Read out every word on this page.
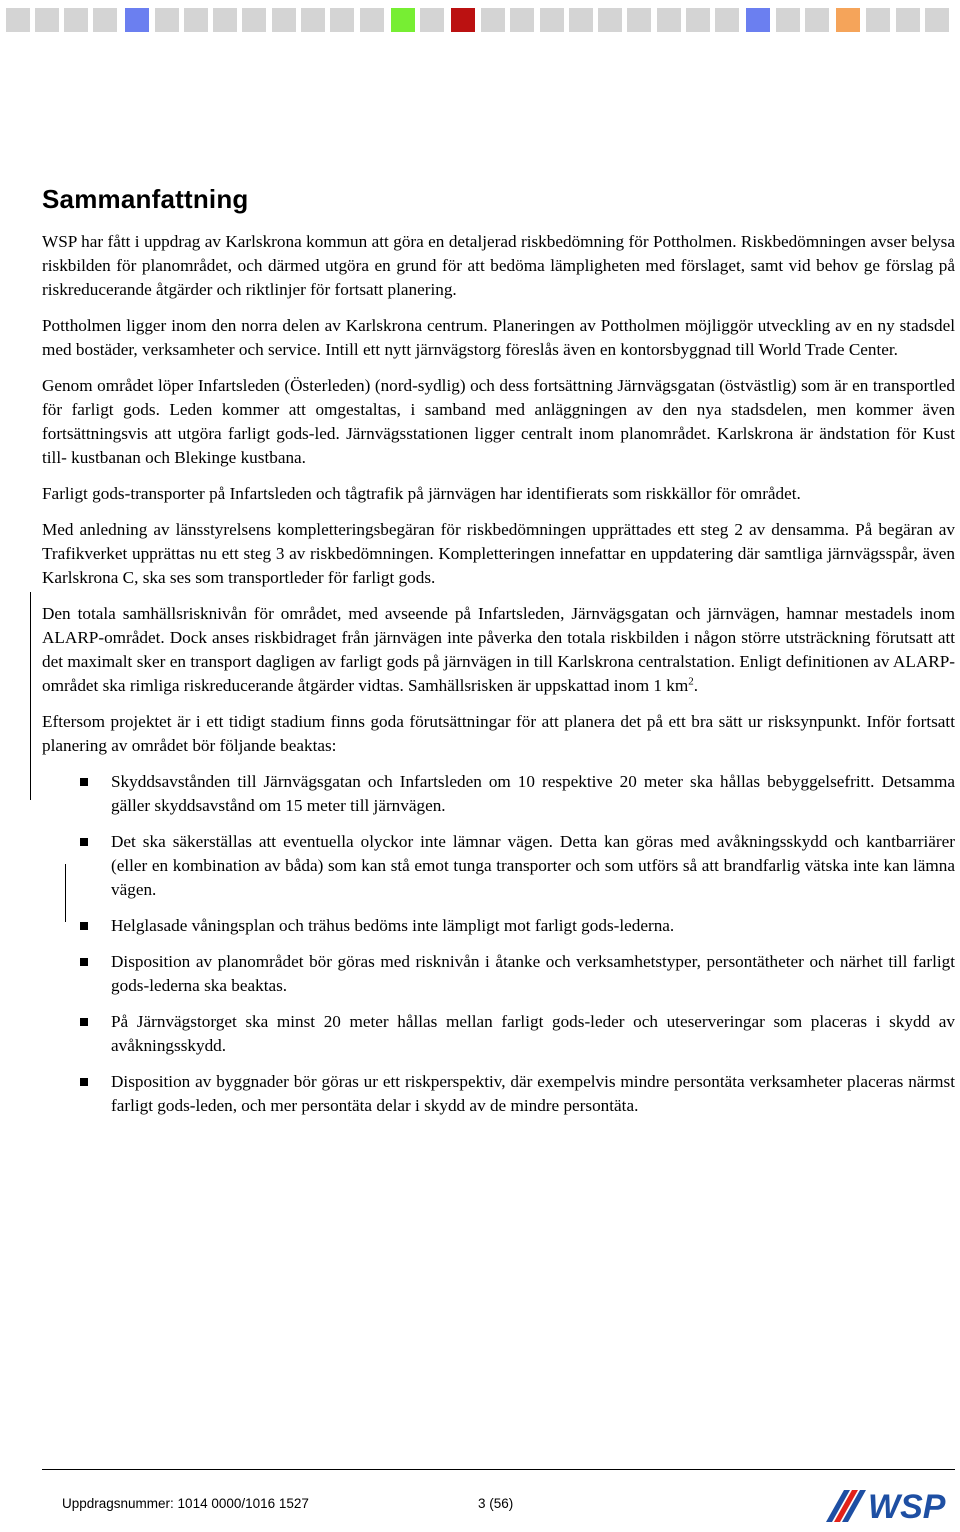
Sammanfattning

WSP har fått i uppdrag av Karlskrona kommun att göra en detaljerad riskbedömning för Pottholmen. Riskbedömningen avser belysa riskbilden för planområdet, och därmed utgöra en grund för att bedöma lämpligheten med förslaget, samt vid behov ge förslag på riskreducerande åtgärder och riktlinjer för fortsatt planering.

Pottholmen ligger inom den norra delen av Karlskrona centrum. Planeringen av Pottholmen möjliggör utveckling av en ny stadsdel med bostäder, verksamheter och service. Intill ett nytt järnvägstorg föreslås även en kontorsbyggnad till World Trade Center.

Genom området löper Infartsleden (Österleden) (nord-sydlig) och dess fortsättning Järnvägsgatan (östvästlig) som är en transportled för farligt gods. Leden kommer att omgestaltas, i samband med anläggningen av den nya stadsdelen, men kommer även fortsättningsvis att utgöra farligt gods-led. Järnvägsstationen ligger centralt inom planområdet. Karlskrona är ändstation för Kust till- kustbanan och Blekinge kustbana.

Farligt gods-transporter på Infartsleden och tågtrafik på järnvägen har identifierats som riskkällor för området.

Med anledning av länsstyrelsens kompletteringsbegäran för riskbedömningen upprättades ett steg 2 av densamma. På begäran av Trafikverket upprättas nu ett steg 3 av riskbedömningen. Kompletteringen innefattar en uppdatering där samtliga järnvägsspår, även Karlskrona C, ska ses som transportleder för farligt gods.

Den totala samhällsrisknivån för området, med avseende på Infartsleden, Järnvägsgatan och järnvägen, hamnar mestadels inom ALARP-området. Dock anses riskbidraget från järnvägen inte påverka den totala riskbilden i någon större utsträckning förutsatt att det maximalt sker en transport dagligen av farligt gods på järnvägen in till Karlskrona centralstation. Enligt definitionen av ALARP-området ska rimliga riskreducerande åtgärder vidtas. Samhällsrisken är uppskattad inom 1 $km^2$.

Eftersom projektet är i ett tidigt stadium finns goda förutsättningar för att planera det på ett bra sätt ur risksynpunkt. Inför fortsatt planering av området bör följande beaktas:

Skyddsavstånden till Järnvägsgatan och Infartsleden om 10 respektive 20 meter ska hållas bebyggelsefritt. Detsamma gäller skyddsavstånd om 15 meter till järnvägen.
Det ska säkerställas att eventuella olyckor inte lämnar vägen. Detta kan göras med avåkningsskydd och kantbarriärer (eller en kombination av båda) som kan stå emot tunga transporter och som utförs så att brandfarlig vätska inte kan lämna vägen.
Helglasade våningsplan och trähus bedöms inte lämpligt mot farligt gods-lederna.
Disposition av planområdet bör göras med risknivån i åtanke och verksamhetstyper, persontätheter och närhet till farligt gods-lederna ska beaktas.
På Järnvägstorget ska minst 20 meter hållas mellan farligt gods-leder och uteserveringar som placeras i skydd av avåkningsskydd.
Disposition av byggnader bör göras ur ett riskperspektiv, där exempelvis mindre persontäta verksamheter placeras närmst farligt gods-leden, och mer persontäta delar i skydd av de mindre persontäta.
Uppdragsnummer: 1014 0000/1016 1527	3 (56)	WSP
